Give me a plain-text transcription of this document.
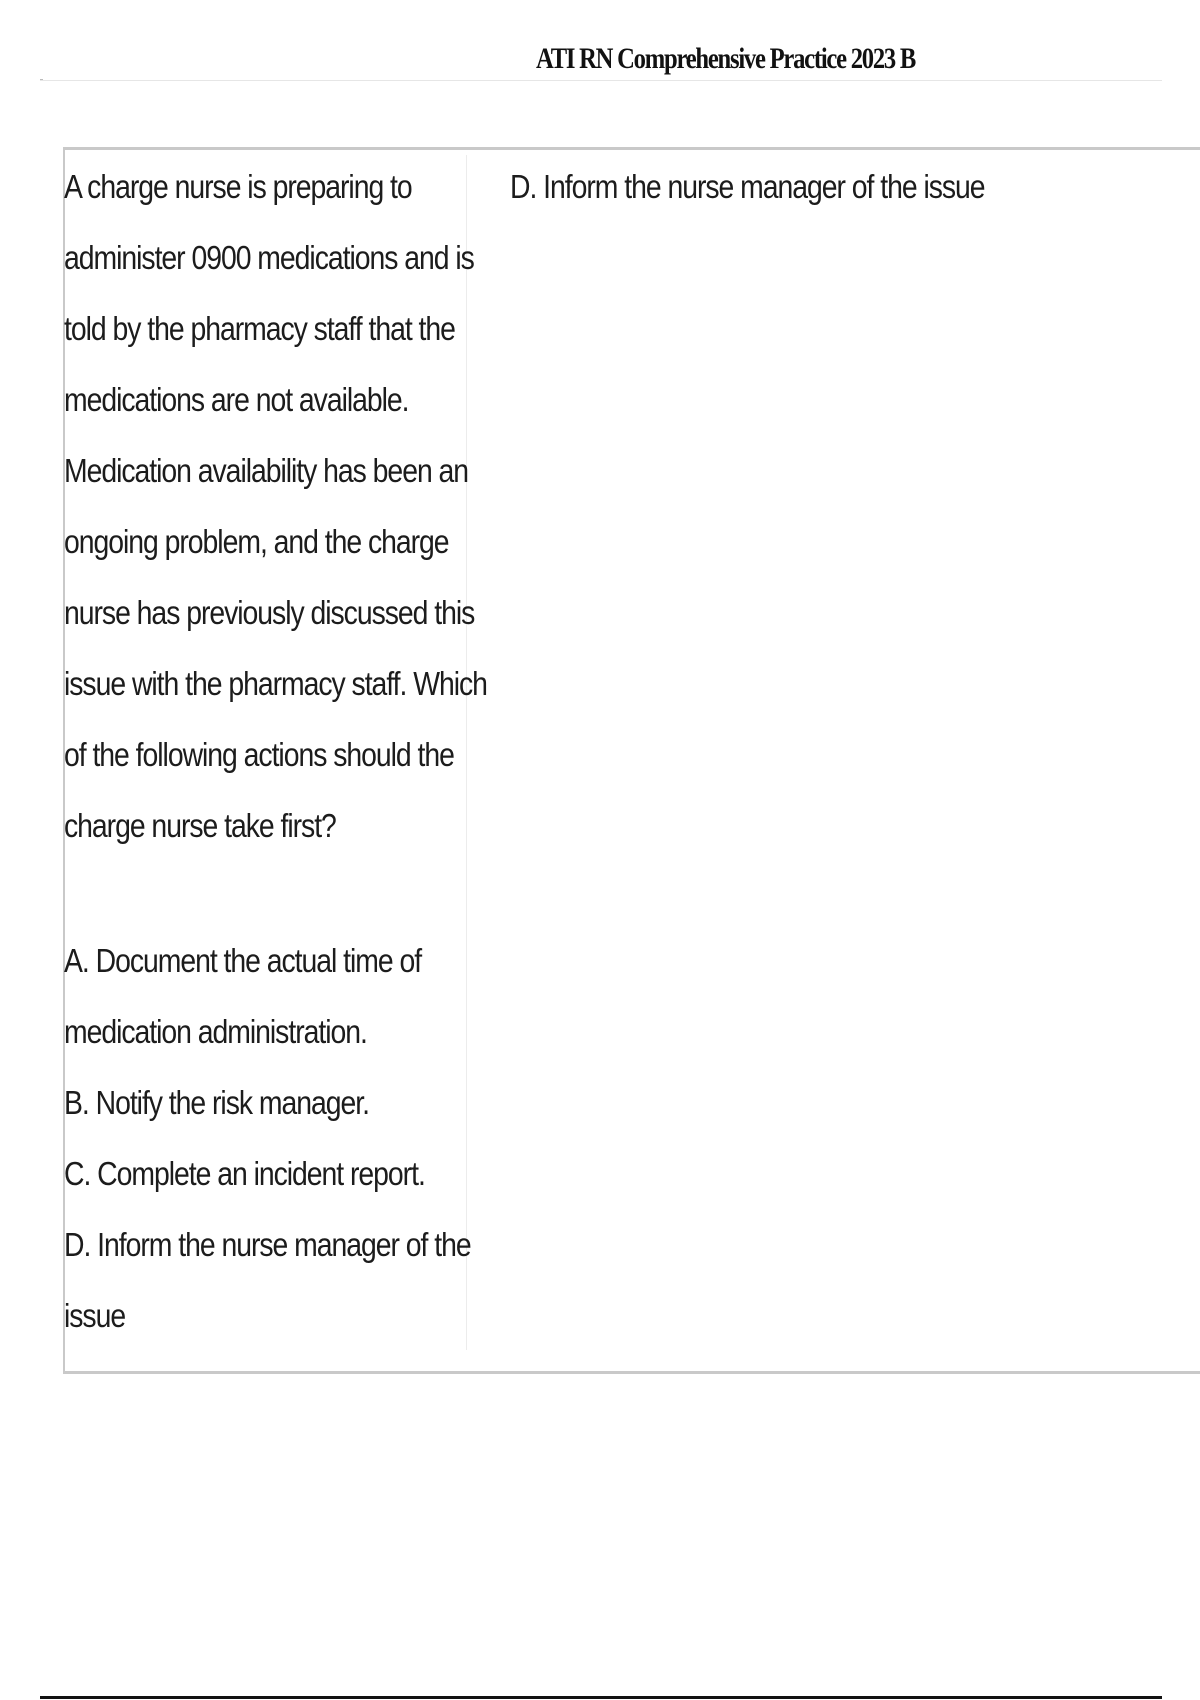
ATI RN Comprehensive Practice 2023 B
A charge nurse is preparing to
administer 0900 medications and is
told by the pharmacy staff that the
medications are not available.
Medication availability has been an
ongoing problem, and the charge
nurse has previously discussed this
issue with the pharmacy staff. Which
of the following actions should the
charge nurse take first?
A. Document the actual time of
medication administration.
B. Notify the risk manager.
C. Complete an incident report.
D. Inform the nurse manager of the
issue
D. Inform the nurse manager of the issue
